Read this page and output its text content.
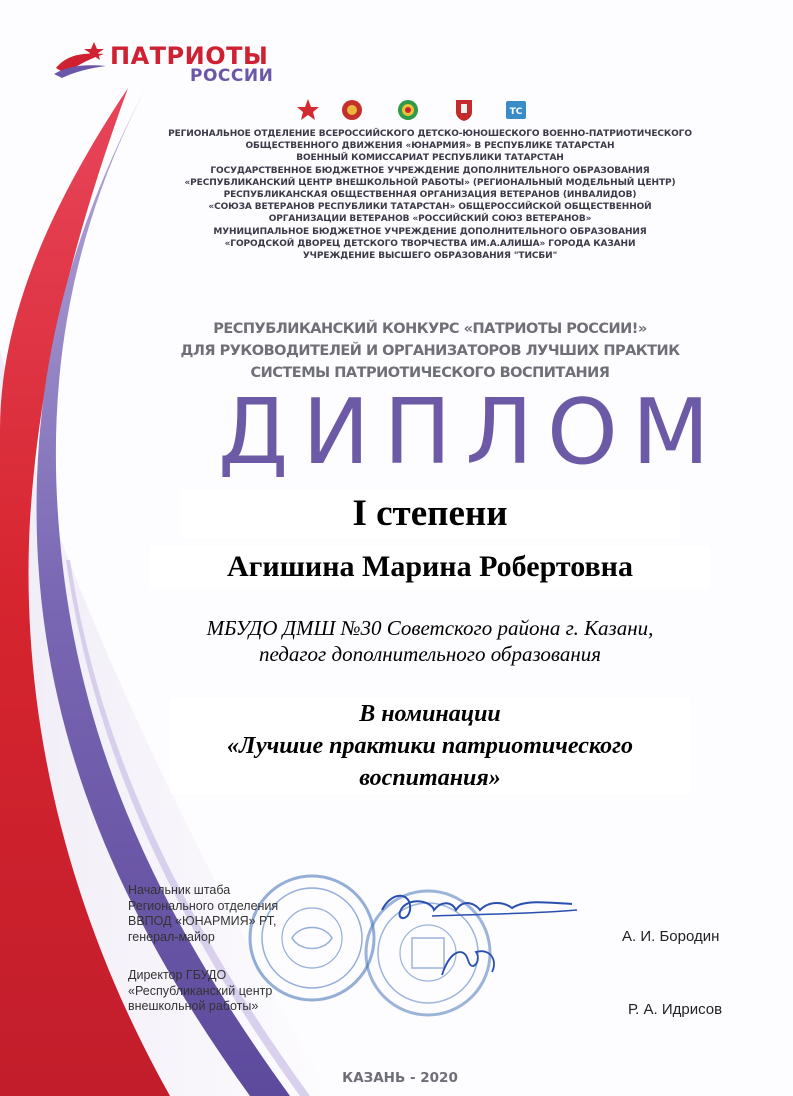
ПАТРИОТЫ
РОССИИ
ТС
РЕГИОНАЛЬНОЕ ОТДЕЛЕНИЕ ВСЕРОССИЙСКОГО ДЕТСКО-ЮНОШЕСКОГО ВОЕННО-ПАТРИОТИЧЕСКОГО
ОБЩЕСТВЕННОГО ДВИЖЕНИЯ «ЮНАРМИЯ» В РЕСПУБЛИКЕ ТАТАРСТАН
ВОЕННЫЙ КОМИССАРИАТ РЕСПУБЛИКИ ТАТАРСТАН
ГОСУДАРСТВЕННОЕ БЮДЖЕТНОЕ УЧРЕЖДЕНИЕ ДОПОЛНИТЕЛЬНОГО ОБРАЗОВАНИЯ
«РЕСПУБЛИКАНСКИЙ ЦЕНТР ВНЕШКОЛЬНОЙ РАБОТЫ» (РЕГИОНАЛЬНЫЙ МОДЕЛЬНЫЙ ЦЕНТР)
РЕСПУБЛИКАНСКАЯ ОБЩЕСТВЕННАЯ ОРГАНИЗАЦИЯ ВЕТЕРАНОВ (ИНВАЛИДОВ)
«СОЮЗА ВЕТЕРАНОВ РЕСПУБЛИКИ ТАТАРСТАН» ОБЩЕРОССИЙСКОЙ ОБЩЕСТВЕННОЙ
ОРГАНИЗАЦИИ ВЕТЕРАНОВ «РОССИЙСКИЙ СОЮЗ ВЕТЕРАНОВ»
МУНИЦИПАЛЬНОЕ БЮДЖЕТНОЕ УЧРЕЖДЕНИЕ ДОПОЛНИТЕЛЬНОГО ОБРАЗОВАНИЯ
«ГОРОДСКОЙ ДВОРЕЦ ДЕТСКОГО ТВОРЧЕСТВА ИМ.А.АЛИША» ГОРОДА КАЗАНИ
УЧРЕЖДЕНИЕ ВЫСШЕГО ОБРАЗОВАНИЯ "ТИСБИ"
РЕСПУБЛИКАНСКИЙ КОНКУРС «ПАТРИОТЫ РОССИИ!»
ДЛЯ РУКОВОДИТЕЛЕЙ И ОРГАНИЗАТОРОВ ЛУЧШИХ ПРАКТИК
СИСТЕМЫ ПАТРИОТИЧЕСКОГО ВОСПИТАНИЯ
ДИПЛОМ
I степени
Агишина Марина Робертовна
МБУДО ДМШ №30 Советского района г. Казани,
педагог дополнительного образования
В номинации
«Лучшие практики патриотического
воспитания»
Начальник штаба
Регионального отделения
ВВПОД «ЮНАРМИЯ» РТ,
генерал-майор	А. И. Бородин
Директор ГБУДО
«Республиканский центр
внешкольной работы»	Р. А. Идрисов
КАЗАНЬ - 2020
